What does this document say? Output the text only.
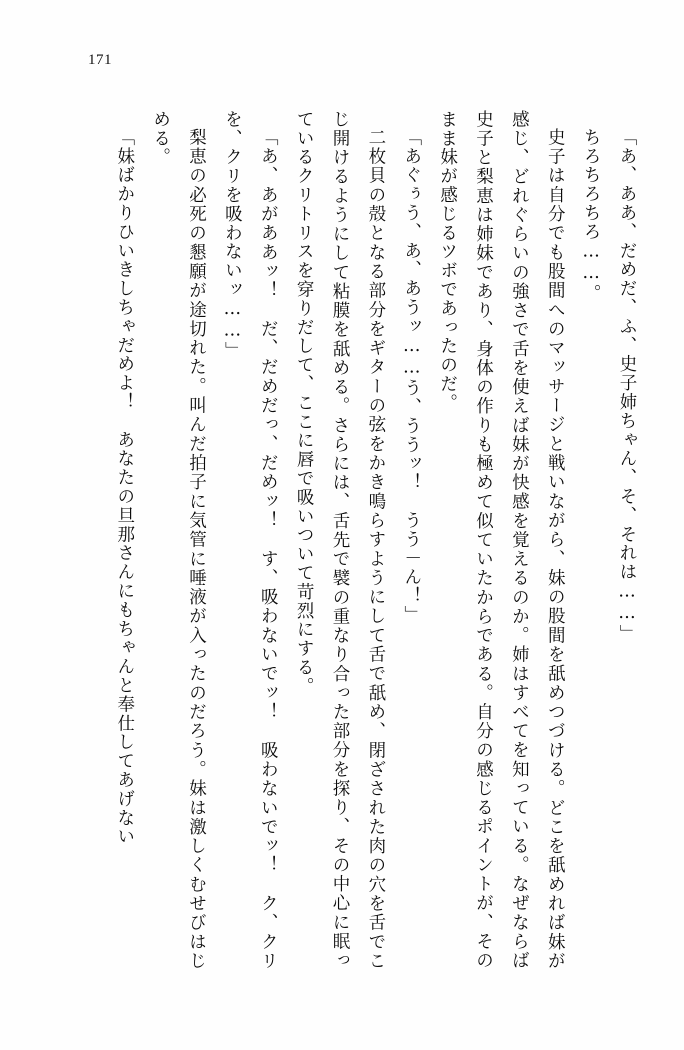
171

「あ、ああ、だめだ、ふ、史子姉ちゃん、そ、それは……」

ちろちろちろ……。

史子は自分でも股間へのマッサージと戦いながら、妹の股間を舐めつづける。どこを舐めれば妹が感じ、どれぐらいの強さで舌を使えば妹が快感を覚えるのか。姉はすべてを知っている。なぜならば史子と梨恵は姉妹であり、身体の作りも極めて似ていたからである。自分の感じるポイントが、そのまま妹が感じるツボであったのだ。

「あぐぅう、あ、あうッ……う、ううッ！　うう－ん！」

二枚貝の殻となる部分をギターの弦をかき鳴らすようにして舌で舐め、閉ざされた肉の穴を舌でこじ開けるようにして粘膜を舐める。さらには、舌先で襞の重なり合った部分を探り、その中心に眠っているクリトリスを穿りだして、ここに唇で吸いついて苛烈にする。

「あ、あがああッ！　だ、だめだっ、だめッ！　す、吸わないでッ！　吸わないでッ！　ク、クリを、クリを吸わないッ……」

梨恵の必死の懇願が途切れた。叫んだ拍子に気管に唾液が入ったのだろう。妹は激しくむせびはじめる。

「妹ばかりひいきしちゃだめよ！　あなたの旦那さんにもちゃんと奉仕してあげない
